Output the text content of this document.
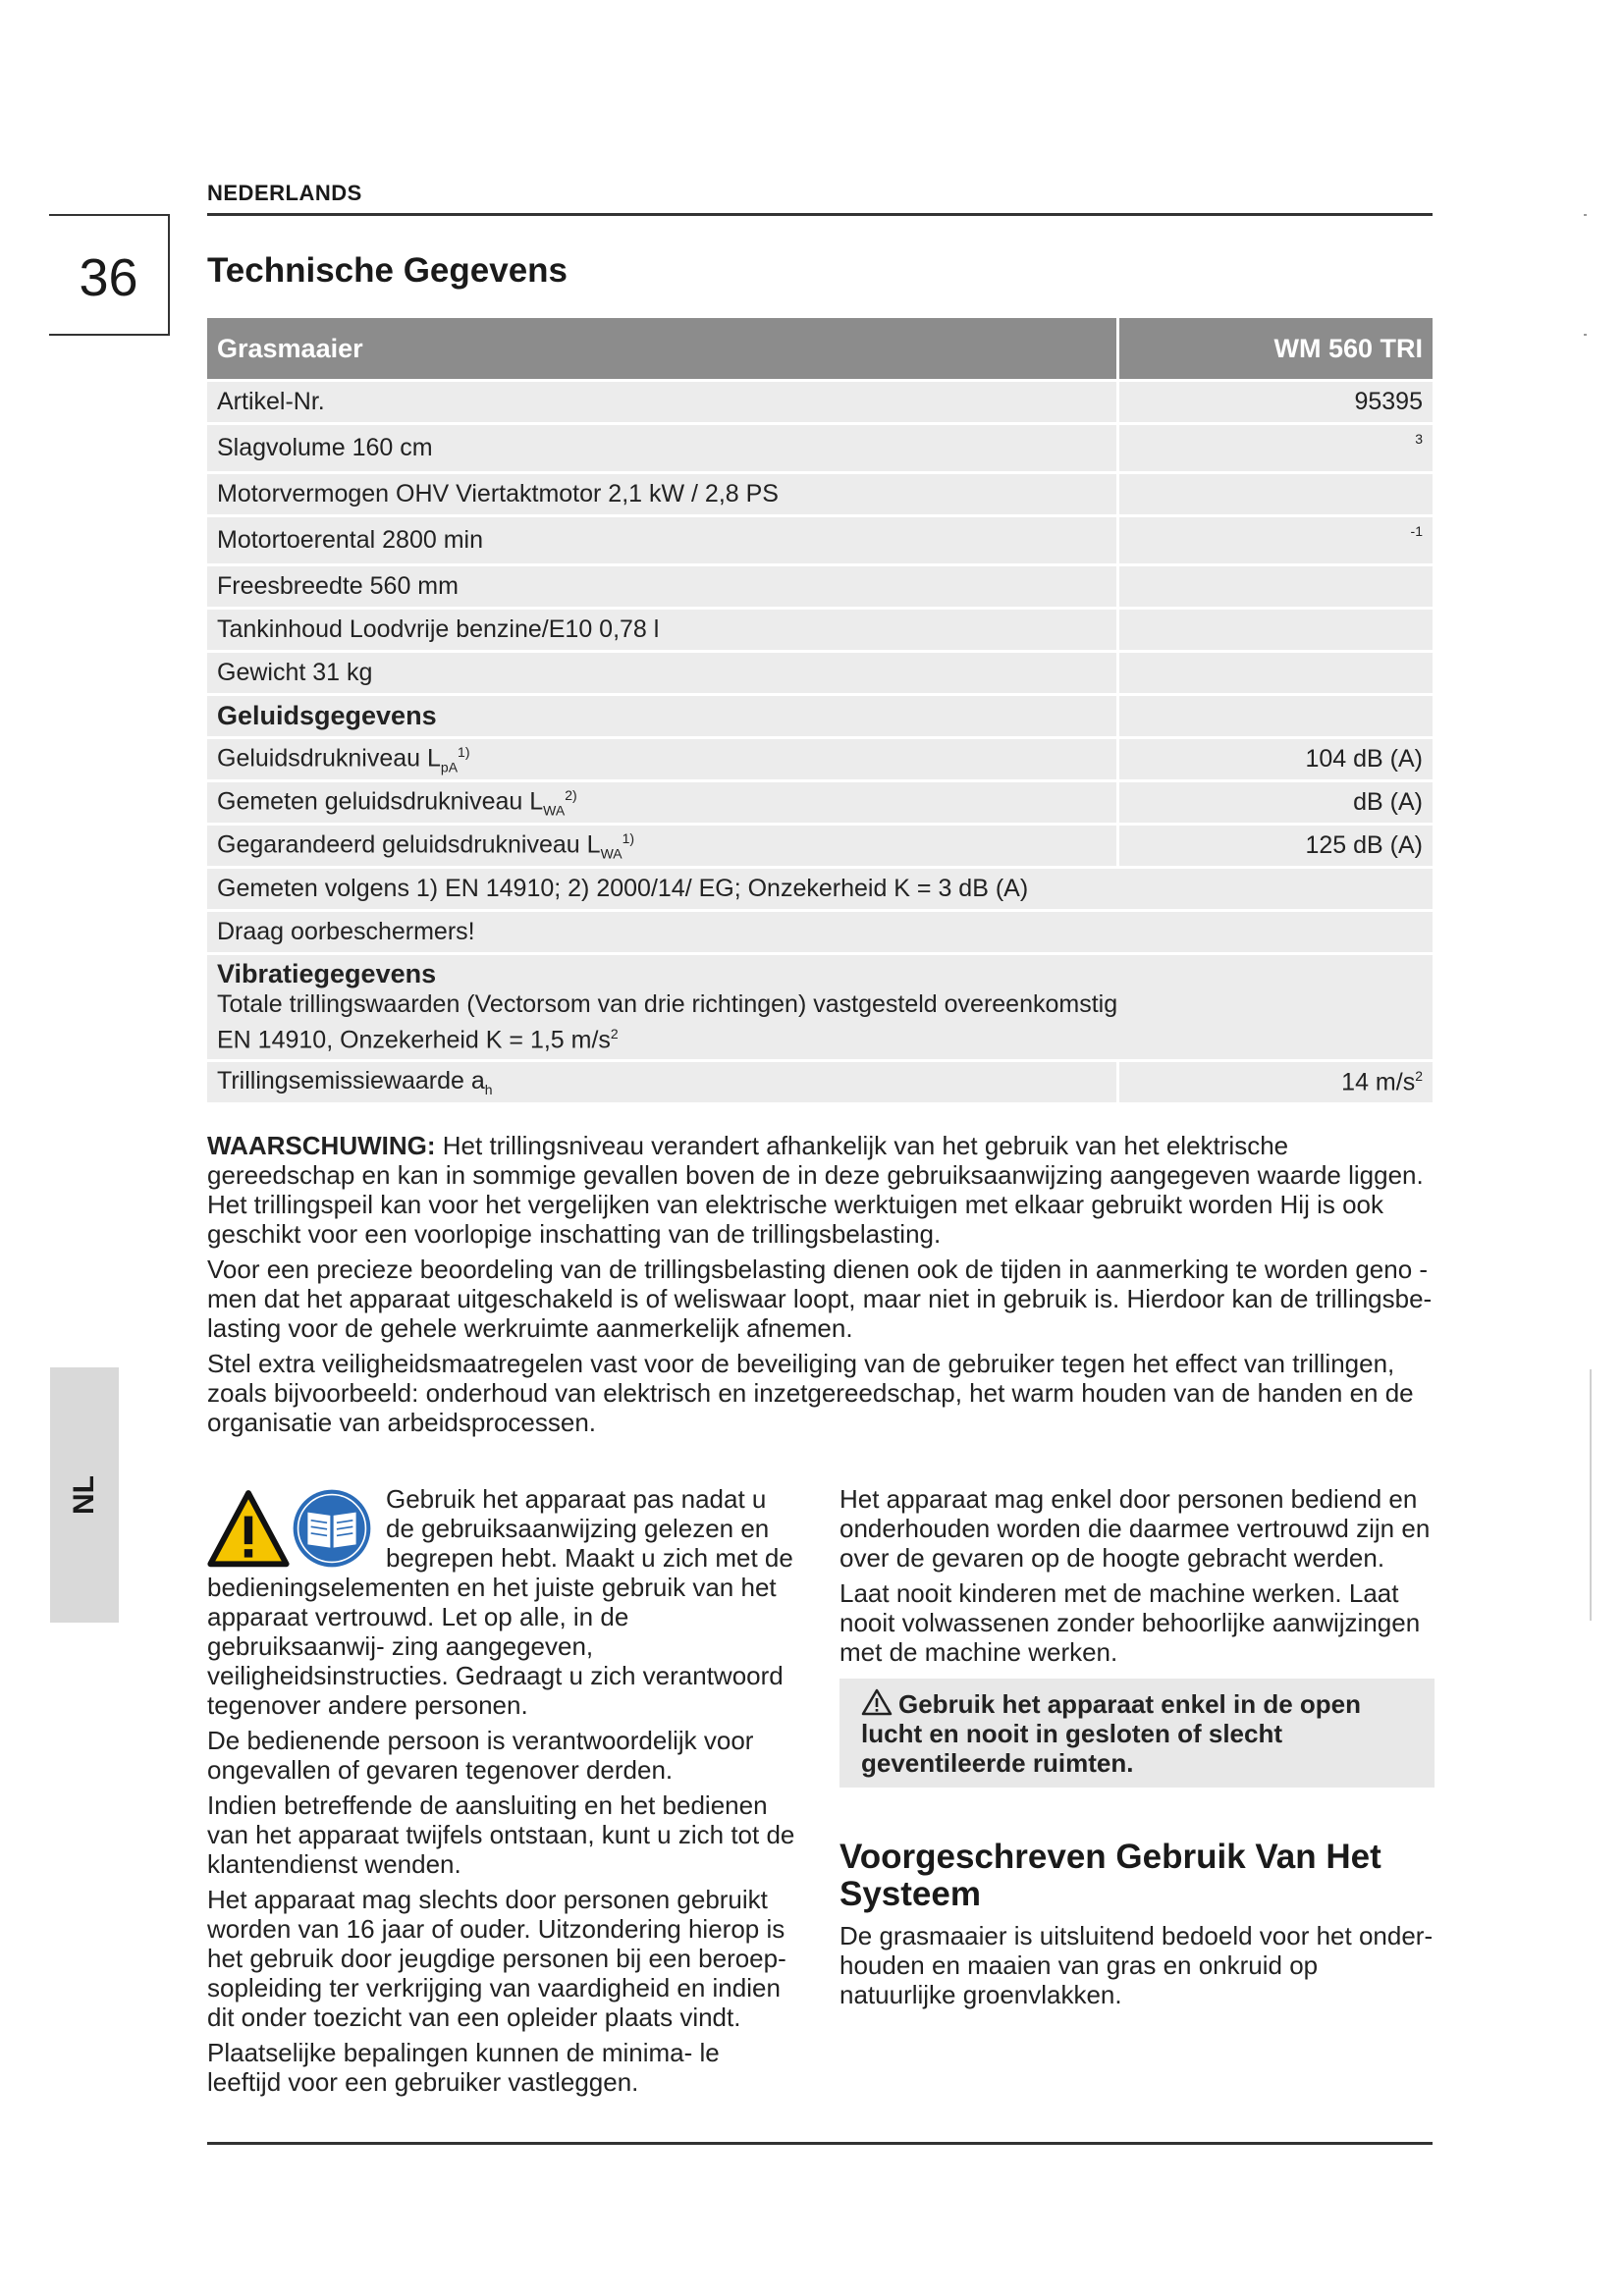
NEDERLANDS
36
NL
Technische Gegevens
Grasmaaier	WM 560 TRI
Artikel-Nr.	95395
Slagvolume 160 cm	3
Motorvermogen OHV Viertaktmotor 2,1 kW / 2,8 PS	
Motortoerental 2800 min	-1
Freesbreedte 560 mm	
Tankinhoud Loodvrije benzine/E10 0,78 l	
Gewicht 31 kg	
Geluidsgegevens	
Geluidsdrukniveau $L_{pA}^{1)}$	104 dB (A)
Gemeten geluidsdrukniveau $L_{WA}^{2)}$	dB (A)
Gegarandeerd geluidsdrukniveau $L_{WA}^{1)}$	125 dB (A)
Gemeten volgens 1) EN 14910; 2) 2000/14/ EG; Onzekerheid K = 3 dB (A)	
Draag oorbeschermers!	

Vibratiegegevens
Totale trillingswaarden (Vectorsom van drie richtingen) vastgesteld overeenkomstig
EN 14910, Onzekerheid K = 1,5 $m/s^2$

Trillingsemissiewaarde $a_h$	14 $m/s^2$

WAARSCHUWING: Het trillingsniveau verandert afhankelijk van het gebruik van het elektrische gereedschap en kan in sommige gevallen boven de in deze gebruiksaanwijzing aangegeven waarde liggen. Het trillingspeil kan voor het vergelijken van elektrische werktuigen met elkaar gebruikt worden Hij is ook geschikt voor een voorlopige inschatting van de trillingsbelasting.

Voor een precieze beoordeling van de trillingsbelasting dienen ook de tijden in aanmerking te worden geno - men dat het apparaat uitgeschakeld is of weliswaar loopt, maar niet in gebruik is. Hierdoor kan de trillingsbe- lasting voor de gehele werkruimte aanmerkelijk afnemen.

Stel extra veiligheidsmaatregelen vast voor de beveiliging van de gebruiker tegen het effect van trillingen, zoals bijvoorbeeld: onderhoud van elektrisch en inzetgereedschap, het warm houden van de handen en de organisatie van arbeidsprocessen.

Gebruik het apparaat pas nadat u de gebruiksaanwijzing gelezen en begrepen hebt. Maakt u zich met de bedieningselementen en het juiste gebruik van het apparaat vertrouwd. Let op alle, in de gebruiksaanwij- zing aangegeven, veiligheidsinstructies. Gedraagt u zich verantwoord tegenover andere personen.

De bedienende persoon is verantwoordelijk voor ongevallen of gevaren tegenover derden.

Indien betreffende de aansluiting en het bedienen van het apparaat twijfels ontstaan, kunt u zich tot de klantendienst wenden.

Het apparaat mag slechts door personen gebruikt worden van 16 jaar of ouder. Uitzondering hierop is het gebruik door jeugdige personen bij een beroep- sopleiding ter verkrijging van vaardigheid en indien dit onder toezicht van een opleider plaats vindt.

Plaatselijke bepalingen kunnen de minima- le leeftijd voor een gebruiker vastleggen.

Het apparaat mag enkel door personen bediend en onderhouden worden die daarmee vertrouwd zijn en over de gevaren op de hoogte gebracht werden.

Laat nooit kinderen met de machine werken. Laat nooit volwassenen zonder behoorlijke aanwijzingen met de machine werken.

Gebruik het apparaat enkel in de open lucht en nooit in gesloten of slecht geventileerde ruimten.
Voorgeschreven Gebruik Van Het Systeem

De grasmaaier is uitsluitend bedoeld voor het onder- houden en maaien van gras en onkruid op natuurlijke groenvlakken.
